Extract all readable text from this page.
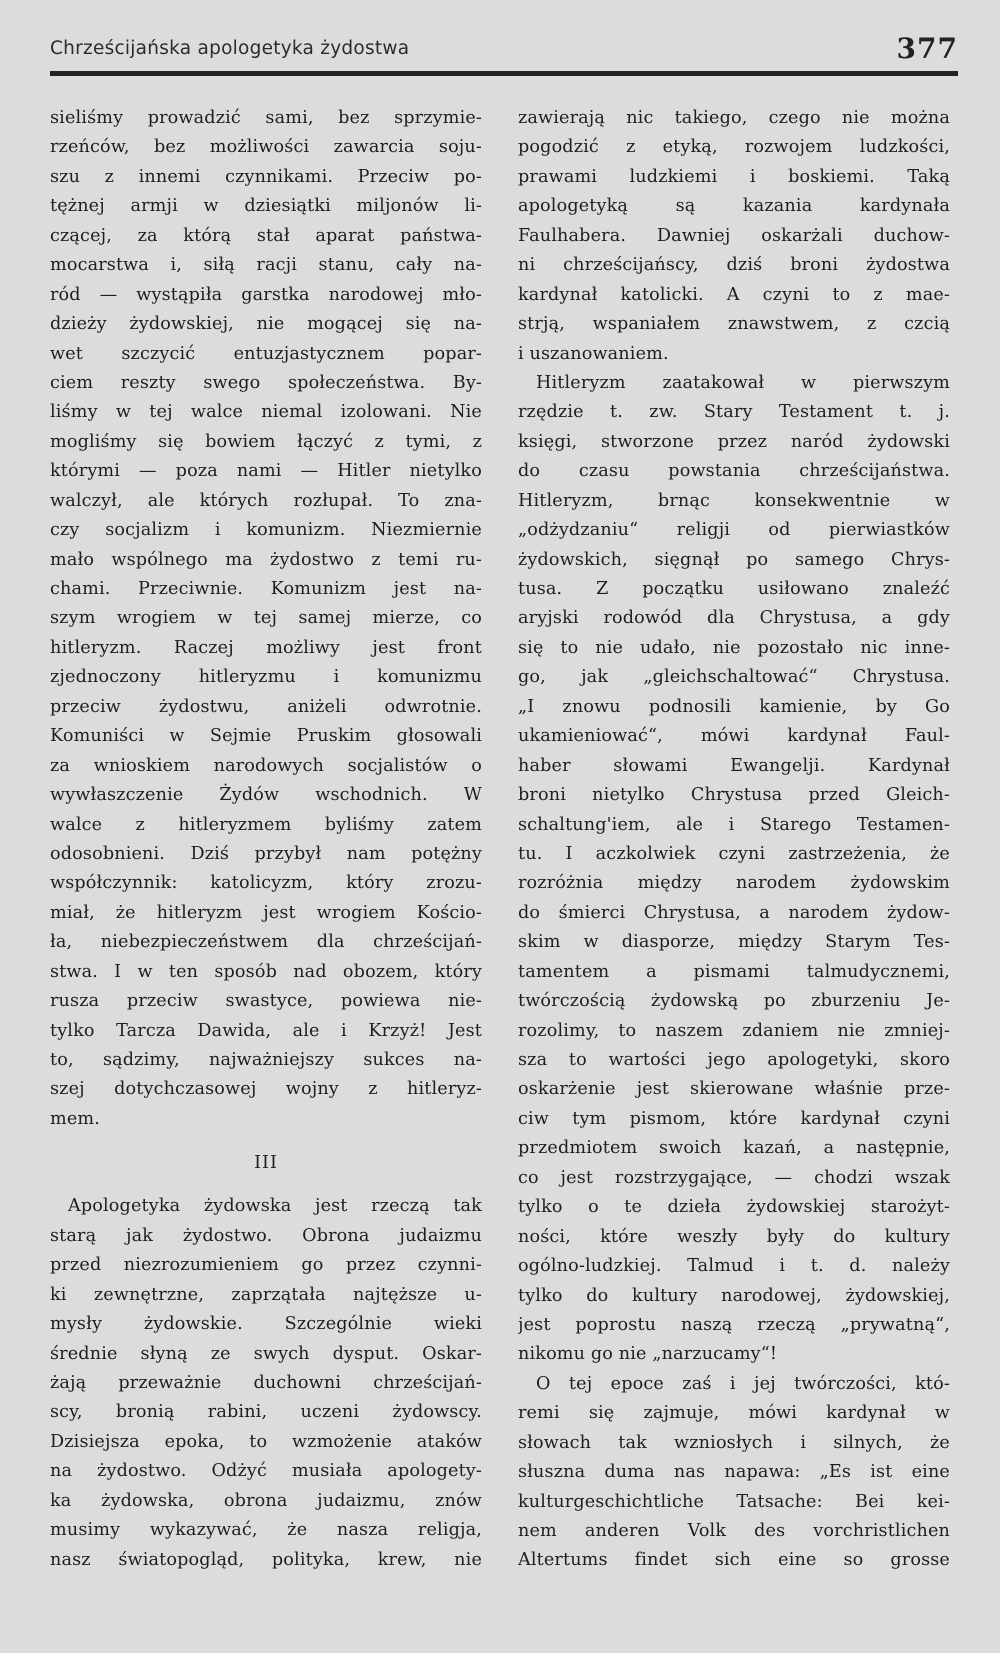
Chrześcijańska apologetyka żydostwa	377
sieliśmy prowadzić sami, bez sprzymie-
rzeńców, bez możliwości zawarcia soju-
szu z innemi czynnikami. Przeciw po-
tężnej armji w dziesiątki miljonów li-
czącej, za którą stał aparat państwa-
mocarstwa i, siłą racji stanu, cały na-
ród — wystąpiła garstka narodowej mło-
dzieży żydowskiej, nie mogącej się na-
wet szczycić entuzjastycznem popar-
ciem reszty swego społeczeństwa. By-
liśmy w tej walce niemal izolowani. Nie
mogliśmy się bowiem łączyć z tymi, z
którymi — poza nami — Hitler nietylko
walczył, ale których rozłupał. To zna-
czy socjalizm i komunizm. Niezmiernie
mało wspólnego ma żydostwo z temi ru-
chami. Przeciwnie. Komunizm jest na-
szym wrogiem w tej samej mierze, co
hitleryzm. Raczej możliwy jest front
zjednoczony hitleryzmu i komunizmu
przeciw żydostwu, aniżeli odwrotnie.
Komuniści w Sejmie Pruskim głosowali
za wnioskiem narodowych socjalistów o
wywłaszczenie Żydów wschodnich. W
walce z hitleryzmem byliśmy zatem
odosobnieni. Dziś przybył nam potężny
współczynnik: katolicyzm, który zrozu-
miał, że hitleryzm jest wrogiem Kościo-
ła, niebezpieczeństwem dla chrześcijań-
stwa. I w ten sposób nad obozem, który
rusza przeciw swastyce, powiewa nie-
tylko Tarcza Dawida, ale i Krzyż! Jest
to, sądzimy, najważniejszy sukces na-
szej dotychczasowej wojny z hitleryz-
mem.
III
Apologetyka żydowska jest rzeczą tak
starą jak żydostwo. Obrona judaizmu
przed niezrozumieniem go przez czynni-
ki zewnętrzne, zaprzątała najtęższe u-
mysły żydowskie. Szczególnie wieki
średnie słyną ze swych dysput. Oskar-
żają przeważnie duchowni chrześcijań-
scy, bronią rabini, uczeni żydowscy.
Dzisiejsza epoka, to wzmożenie ataków
na żydostwo. Odżyć musiała apologety-
ka żydowska, obrona judaizmu, znów
musimy wykazywać, że nasza religja,
nasz światopogląd, polityka, krew, nie
zawierają nic takiego, czego nie można
pogodzić z etyką, rozwojem ludzkości,
prawami ludzkiemi i boskiemi. Taką
apologetyką są kazania kardynała
Faulhabera. Dawniej oskarżali duchow-
ni chrześcijańscy, dziś broni żydostwa
kardynał katolicki. A czyni to z mae-
strją, wspaniałem znawstwem, z czcią
i uszanowaniem.
Hitleryzm zaatakował w pierwszym
rzędzie t. zw. Stary Testament t. j.
księgi, stworzone przez naród żydowski
do czasu powstania chrześcijaństwa.
Hitleryzm, brnąc konsekwentnie w
„odżydzaniu“ religji od pierwiastków
żydowskich, sięgnął po samego Chrys-
tusa. Z początku usiłowano znaleźć
aryjski rodowód dla Chrystusa, a gdy
się to nie udało, nie pozostało nic inne-
go, jak „gleichschaltować“ Chrystusa.
„I znowu podnosili kamienie, by Go
ukamieniować“, mówi kardynał Faul-
haber słowami Ewangelji. Kardynał
broni nietylko Chrystusa przed Gleich-
schaltung'iem, ale i Starego Testamen-
tu. I aczkolwiek czyni zastrzeżenia, że
rozróżnia między narodem żydowskim
do śmierci Chrystusa, a narodem żydow-
skim w diasporze, między Starym Tes-
tamentem a pismami talmudycznemi,
twórczością żydowską po zburzeniu Je-
rozolimy, to naszem zdaniem nie zmniej-
sza to wartości jego apologetyki, skoro
oskarżenie jest skierowane właśnie prze-
ciw tym pismom, które kardynał czyni
przedmiotem swoich kazań, a następnie,
co jest rozstrzygające, — chodzi wszak
tylko o te dzieła żydowskiej starożyt-
ności, które weszły były do kultury
ogólno-ludzkiej. Talmud i t. d. należy
tylko do kultury narodowej, żydowskiej,
jest poprostu naszą rzeczą „prywatną“,
nikomu go nie „narzucamy“!
O tej epoce zaś i jej twórczości, któ-
remi się zajmuje, mówi kardynał w
słowach tak wzniosłych i silnych, że
słuszna duma nas napawa: „Es ist eine
kulturgeschichtliche Tatsache: Bei kei-
nem anderen Volk des vorchristlichen
Altertums findet sich eine so grosse
